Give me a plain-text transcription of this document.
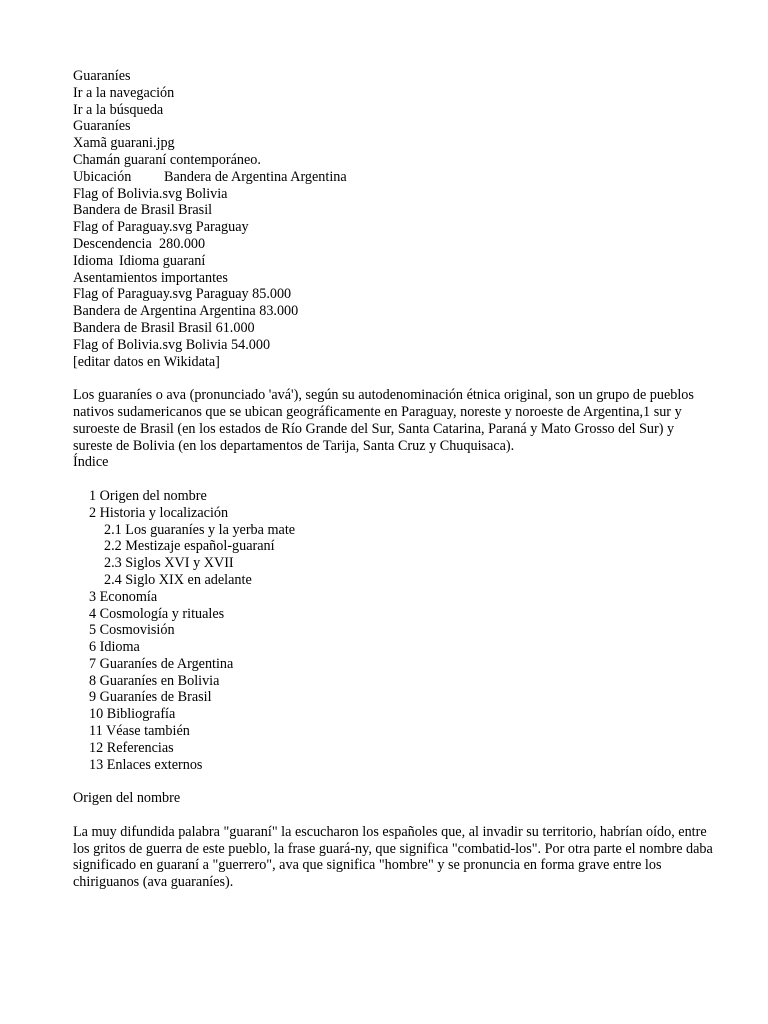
Guaraníes
Ir a la navegación
Ir a la búsqueda
Guaraníes
Xamã guarani.jpg
Chamán guaraní contemporáneo.
Ubicación Bandera de Argentina Argentina
Flag of Bolivia.svg Bolivia
Bandera de Brasil Brasil
Flag of Paraguay.svg Paraguay
Descendencia 280.000
Idioma Idioma guaraní
Asentamientos importantes
Flag of Paraguay.svg Paraguay 85.000
Bandera de Argentina Argentina 83.000
Bandera de Brasil Brasil 61.000
Flag of Bolivia.svg Bolivia 54.000
[editar datos en Wikidata]
Los guaraníes o ava (pronunciado 'avá'), según su autodenominación étnica original, son un grupo de pueblos nativos sudamericanos que se ubican geográficamente en Paraguay, noreste y noroeste de Argentina,1 sur y suroeste de Brasil (en los estados de Río Grande del Sur, Santa Catarina, Paraná y Mato Grosso del Sur) y sureste de Bolivia (en los departamentos de Tarija, Santa Cruz y Chuquisaca).
Índice
1 Origen del nombre
2 Historia y localización
2.1 Los guaraníes y la yerba mate
2.2 Mestizaje español-guaraní
2.3 Siglos XVI y XVII
2.4 Siglo XIX en adelante
3 Economía
4 Cosmología y rituales
5 Cosmovisión
6 Idioma
7 Guaraníes de Argentina
8 Guaraníes en Bolivia
9 Guaraníes de Brasil
10 Bibliografía
11 Véase también
12 Referencias
13 Enlaces externos
Origen del nombre
La muy difundida palabra "guaraní" la escucharon los españoles que, al invadir su territorio, habrían oído, entre los gritos de guerra de este pueblo, la frase guará-ny, que significa "combatid-los". Por otra parte el nombre daba significado en guaraní a "guerrero", ava que significa "hombre" y se pronuncia en forma grave entre los chiriguanos (ava guaraníes).
